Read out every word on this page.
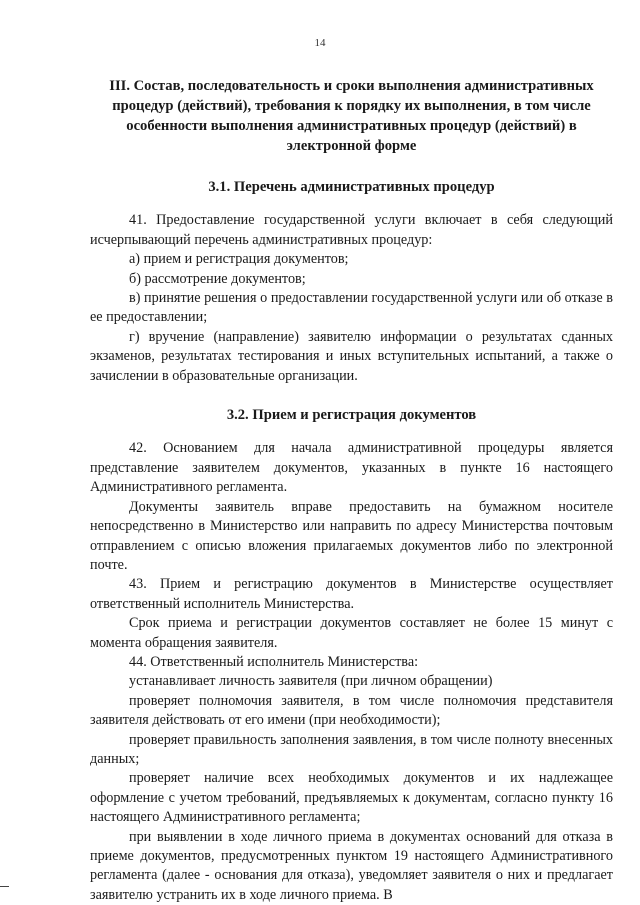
14
III. Состав, последовательность и сроки выполнения административных процедур (действий), требования к порядку их выполнения, в том числе особенности выполнения административных процедур (действий) в электронной форме
3.1. Перечень административных процедур

41. Предоставление государственной услуги включает в себя следующий исчерпывающий перечень административных процедур:

а) прием и регистрация документов;

б) рассмотрение документов;

в) принятие решения о предоставлении государственной услуги или об отказе в ее предоставлении;

г) вручение (направление) заявителю информации о результатах сданных экзаменов, результатах тестирования и иных вступительных испытаний, а также о зачислении в образовательные организации.

3.2. Прием и регистрация документов

42. Основанием для начала административной процедуры является представление заявителем документов, указанных в пункте 16 настоящего Административного регламента.

Документы заявитель вправе предоставить на бумажном носителе непосредственно в Министерство или направить по адресу Министерства почтовым отправлением с описью вложения прилагаемых документов либо по электронной почте.

43. Прием и регистрацию документов в Министерстве осуществляет ответственный исполнитель Министерства.

Срок приема и регистрации документов составляет не более 15 минут с момента обращения заявителя.

44. Ответственный исполнитель Министерства:

устанавливает личность заявителя (при личном обращении)

проверяет полномочия заявителя, в том числе полномочия представителя заявителя действовать от его имени (при необходимости);

проверяет правильность заполнения заявления, в том числе полноту внесенных данных;

проверяет наличие всех необходимых документов и их надлежащее оформление с учетом требований, предъявляемых к документам, согласно пункту 16 настоящего Административного регламента;

при выявлении в ходе личного приема в документах оснований для отказа в приеме документов, предусмотренных пунктом 19 настоящего Административного регламента (далее - основания для отказа), уведомляет заявителя о них и предлагает заявителю устранить их в ходе личного приема. В
